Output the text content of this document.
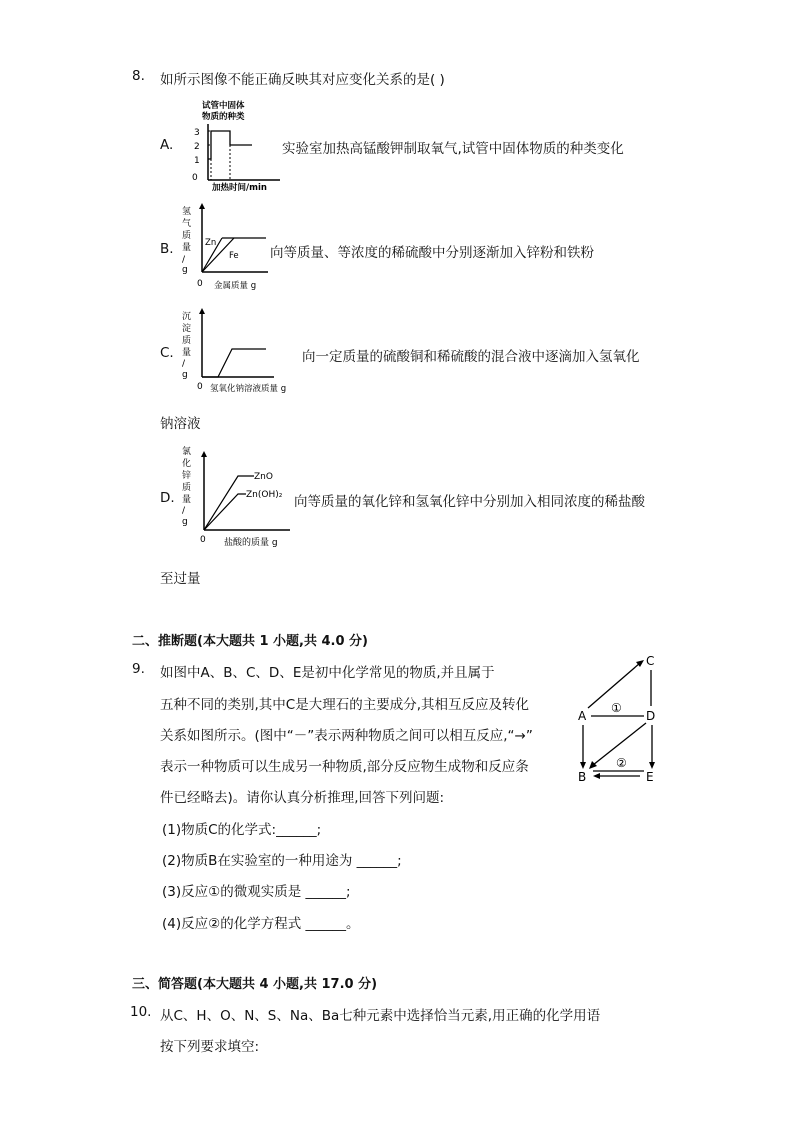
8. 如所示图像不能正确反映其对应变化关系的是( )
A.
试管中固体
物质的种类
3
2
1
0
加热时间/min
实验室加热高锰酸钾制取氧气,试管中固体物质的种类变化
B.
氢
气
质
量
/
g
Zn
Fe
0 金属质量 g
向等质量、等浓度的稀硫酸中分别逐渐加入锌粉和铁粉
C.
沉
淀
质
量
/
g
0 氢氧化钠溶液质量 g
向一定质量的硫酸铜和稀硫酸的混合液中逐滴加入氢氧化
钠溶液
D.
氯
化
锌
质
量
/
g
ZnO
Zn(OH)₂
0 盐酸的质量 g
向等质量的氧化锌和氢氧化锌中分别加入相同浓度的稀盐酸
至过量
二、推断题(本大题共 1 小题,共 4.0 分)
9. 如图中A、B、C、D、E是初中化学常见的物质,并且属于
五种不同的类别,其中C是大理石的主要成分,其相互反应及转化
关系如图所示。(图中“－”表示两种物质之间可以相互反应,“→”
表示一种物质可以生成另一种物质,部分反应物生成物和反应条
件已经略去)。请你认真分析推理,回答下列问题:
(1)物质C的化学式:______;
(2)物质B在实验室的一种用途为 ______;
(3)反应①的微观实质是 ______;
(4)反应②的化学方程式 ______。
C
A	D
B	E
①
②
三、简答题(本大题共 4 小题,共 17.0 分)
10. 从C、H、O、N、S、Na、Ba七种元素中选择恰当元素,用正确的化学用语
按下列要求填空:
